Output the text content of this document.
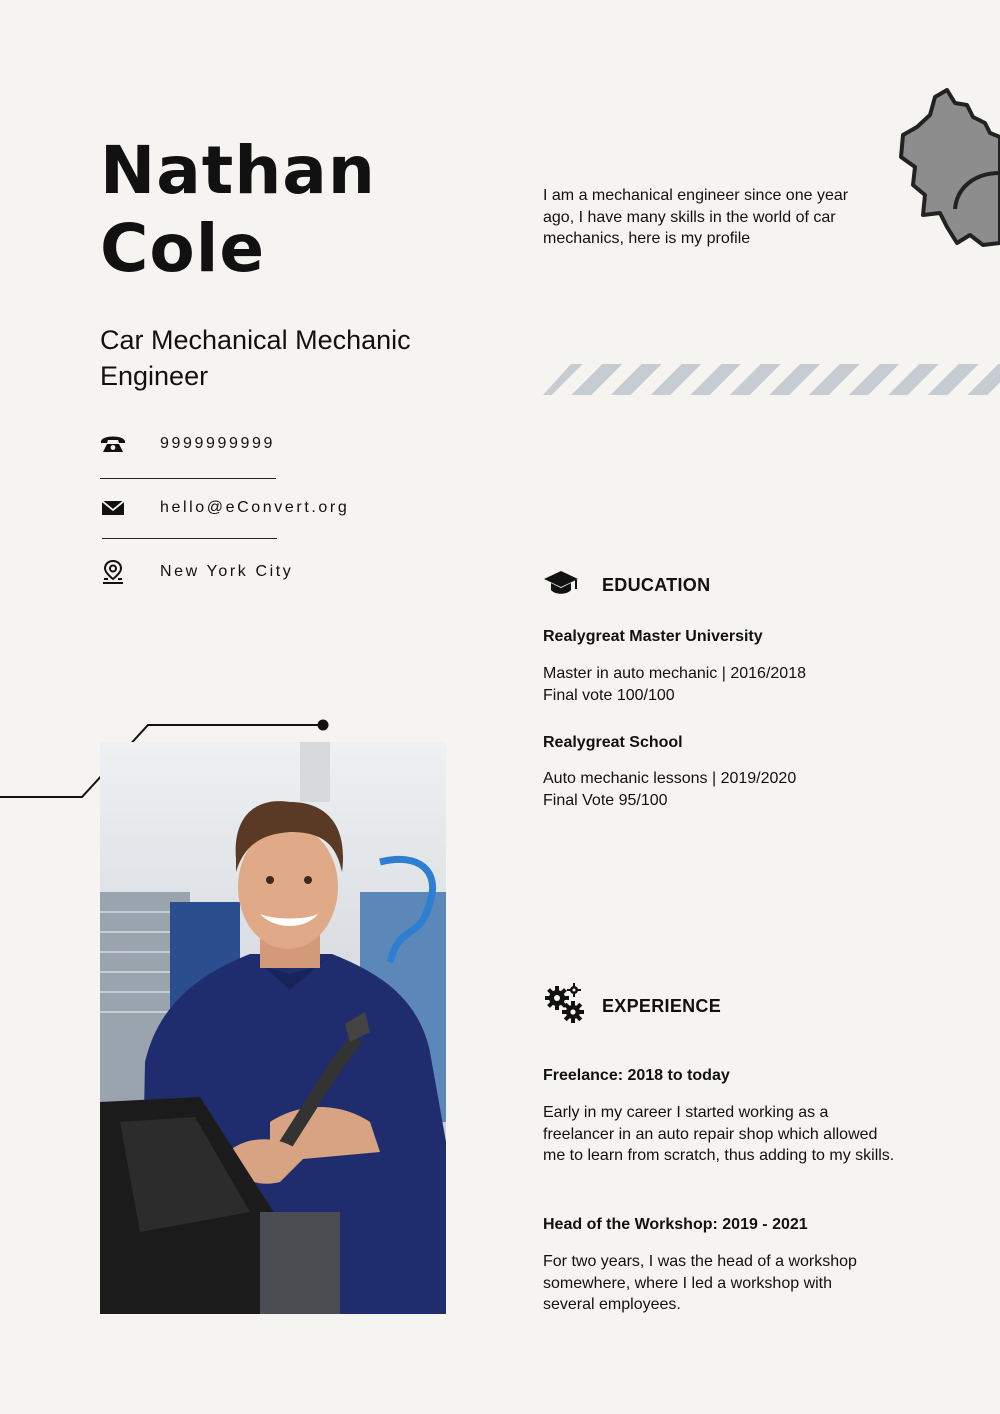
Nathan
Cole
Car Mechanical Mechanic Engineer
9999999999
hello@eConvert.org
New York City

I am a mechanical engineer since one year ago, I have many skills in the world of car mechanics, here is my profile

EDUCATION

Realygreat Master University

Master in auto mechanic | 2016/2018
Final vote 100/100

Realygreat School

Auto mechanic lessons | 2019/2020
Final Vote 95/100

EXPERIENCE

Freelance: 2018 to today

Early in my career I started working as a freelancer in an auto repair shop which allowed me to learn from scratch, thus adding to my skills.

Head of the Workshop: 2019 - 2021

For two years, I was the head of a workshop somewhere, where I led a workshop with several employees.
